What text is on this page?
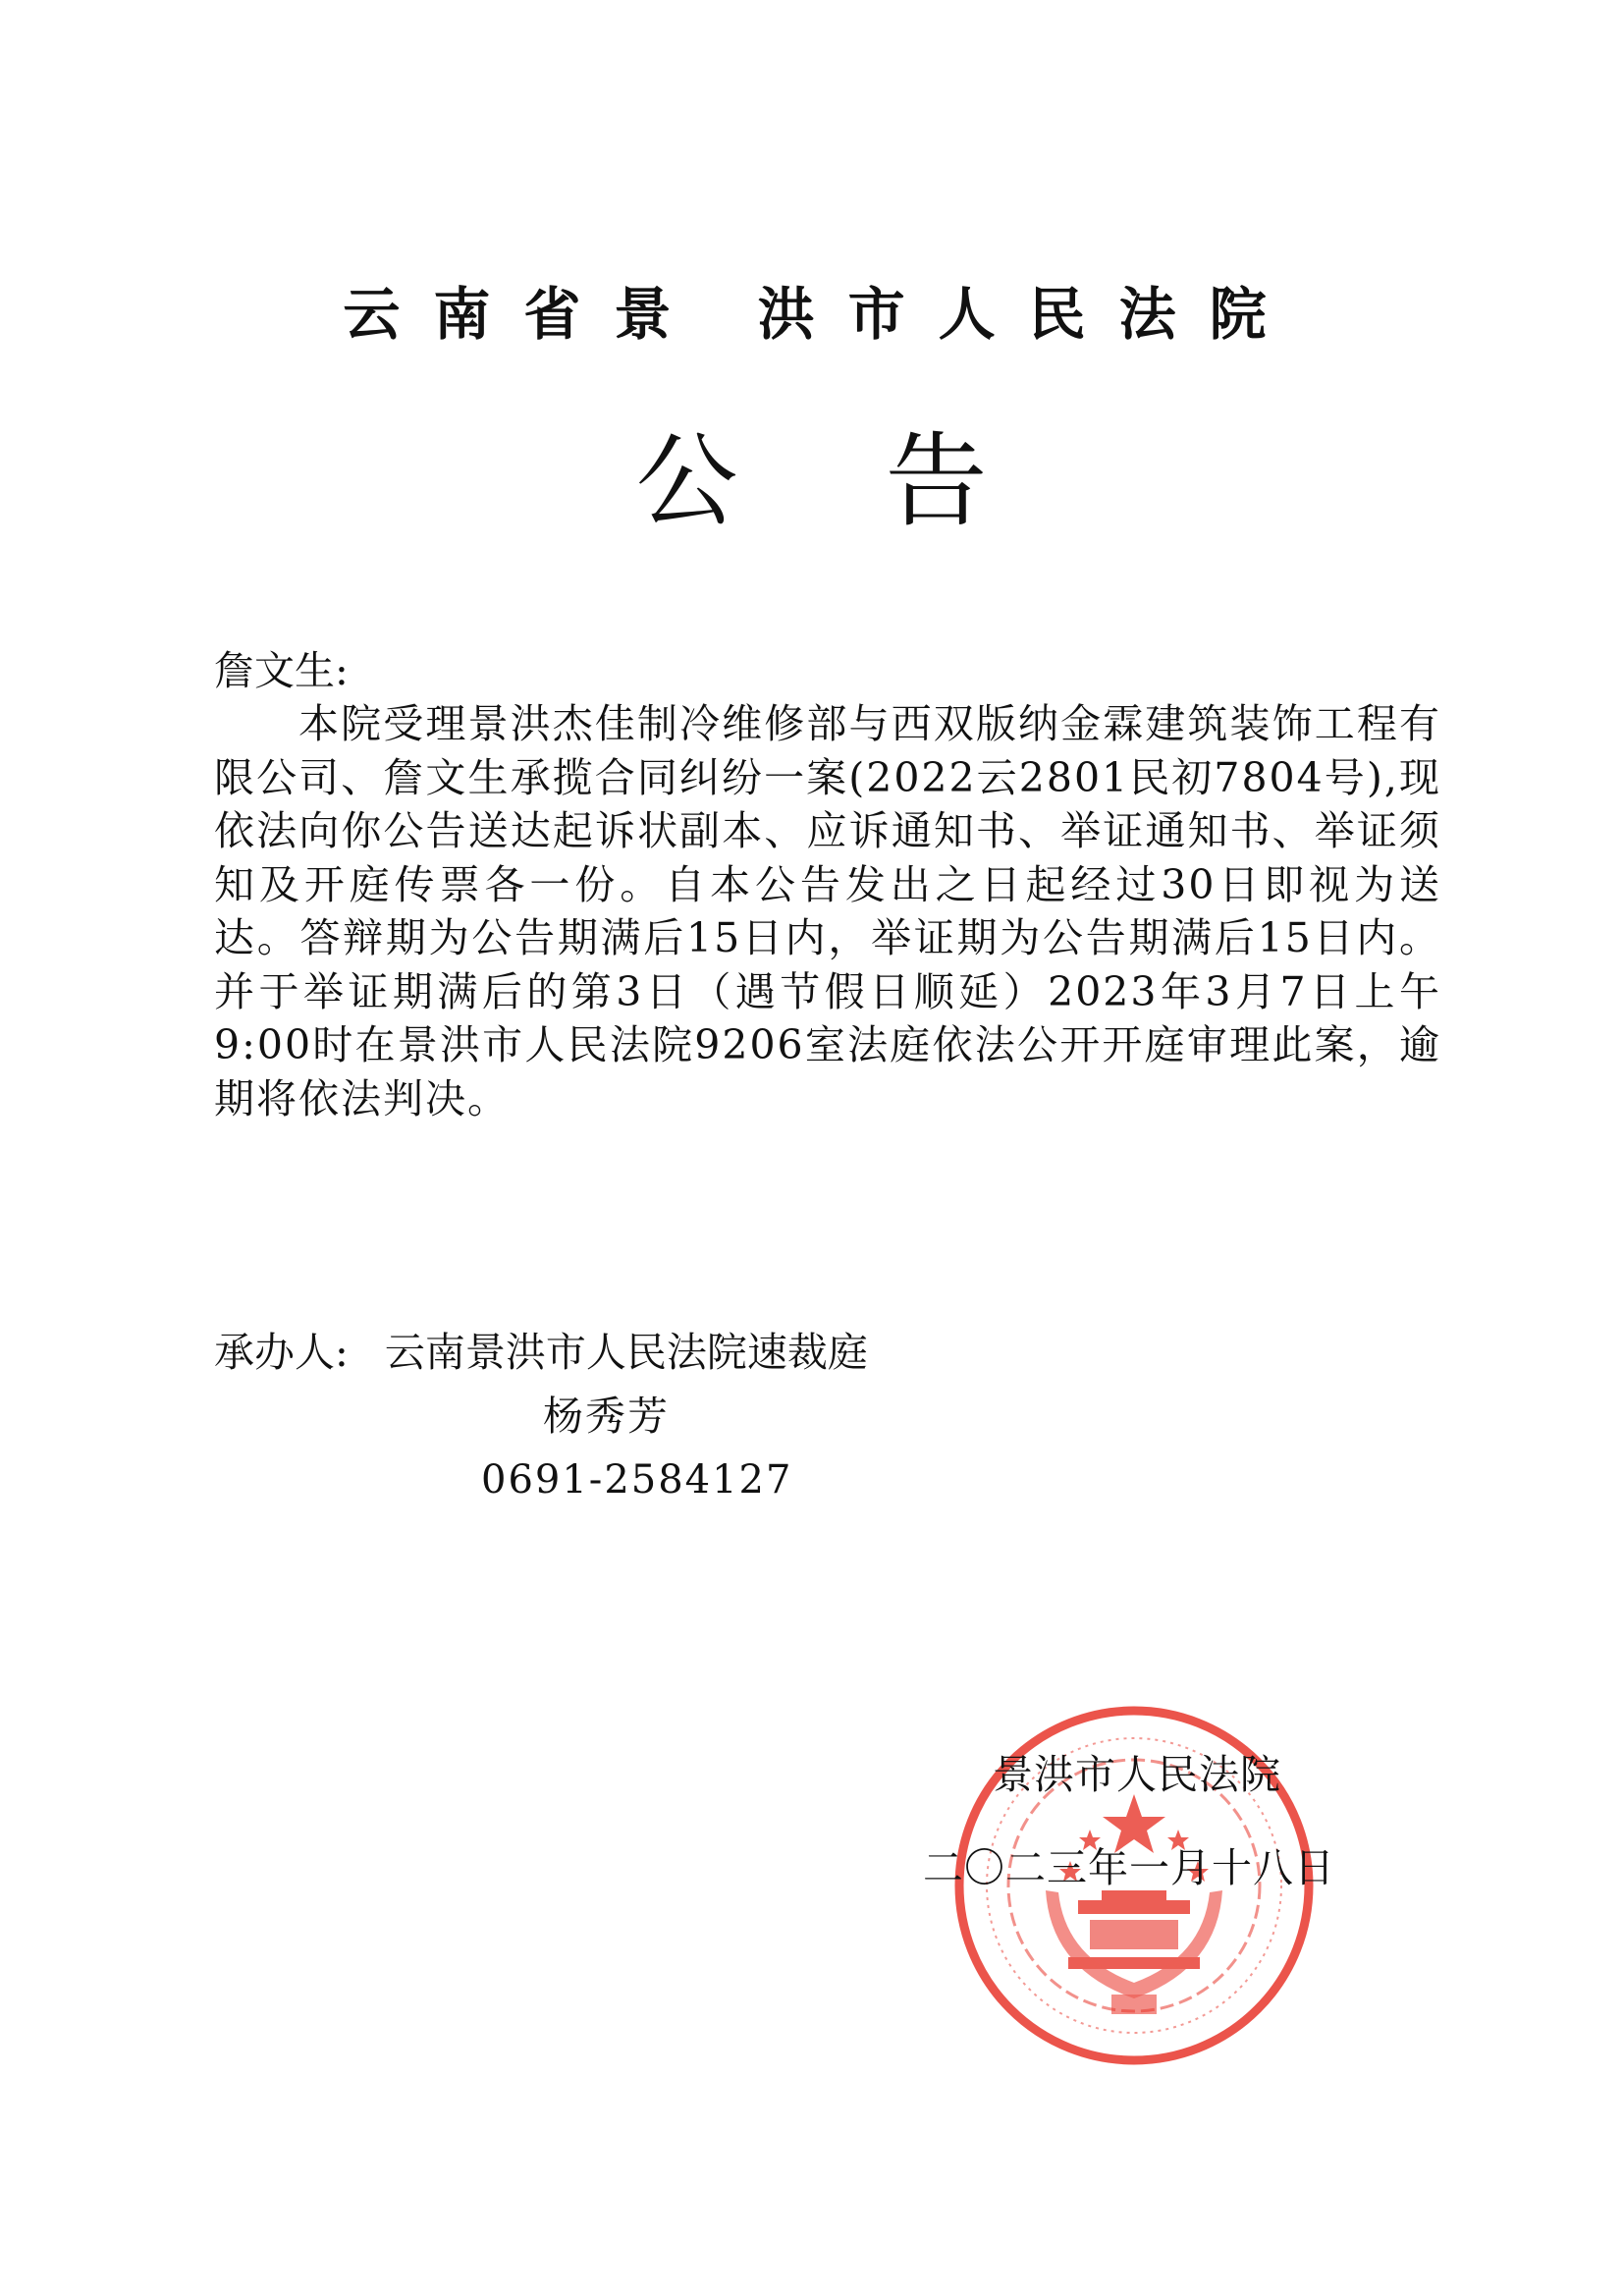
云南省景 洪市人民法院
公告
詹文生:

本院受理景洪杰佳制冷维修部与西双版纳金霖建筑装饰工程有限公司、詹文生承揽合同纠纷一案(2022云2801民初7804号),现依法向你公告送达起诉状副本、应诉通知书、举证通知书、举证须知及开庭传票各一份。自本公告发出之日起经过30日即视为送达。答辩期为公告期满后15日内，举证期为公告期满后15日内。并于举证期满后的第3日（遇节假日顺延）2023年3月7日上午9:00时在景洪市人民法院9206室法庭依法公开开庭审理此案，逾期将依法判决。

承办人: 云南景洪市人民法院速裁庭
杨秀芳
0691-2584127
景洪市人民法院
二〇二三年一月十八日
